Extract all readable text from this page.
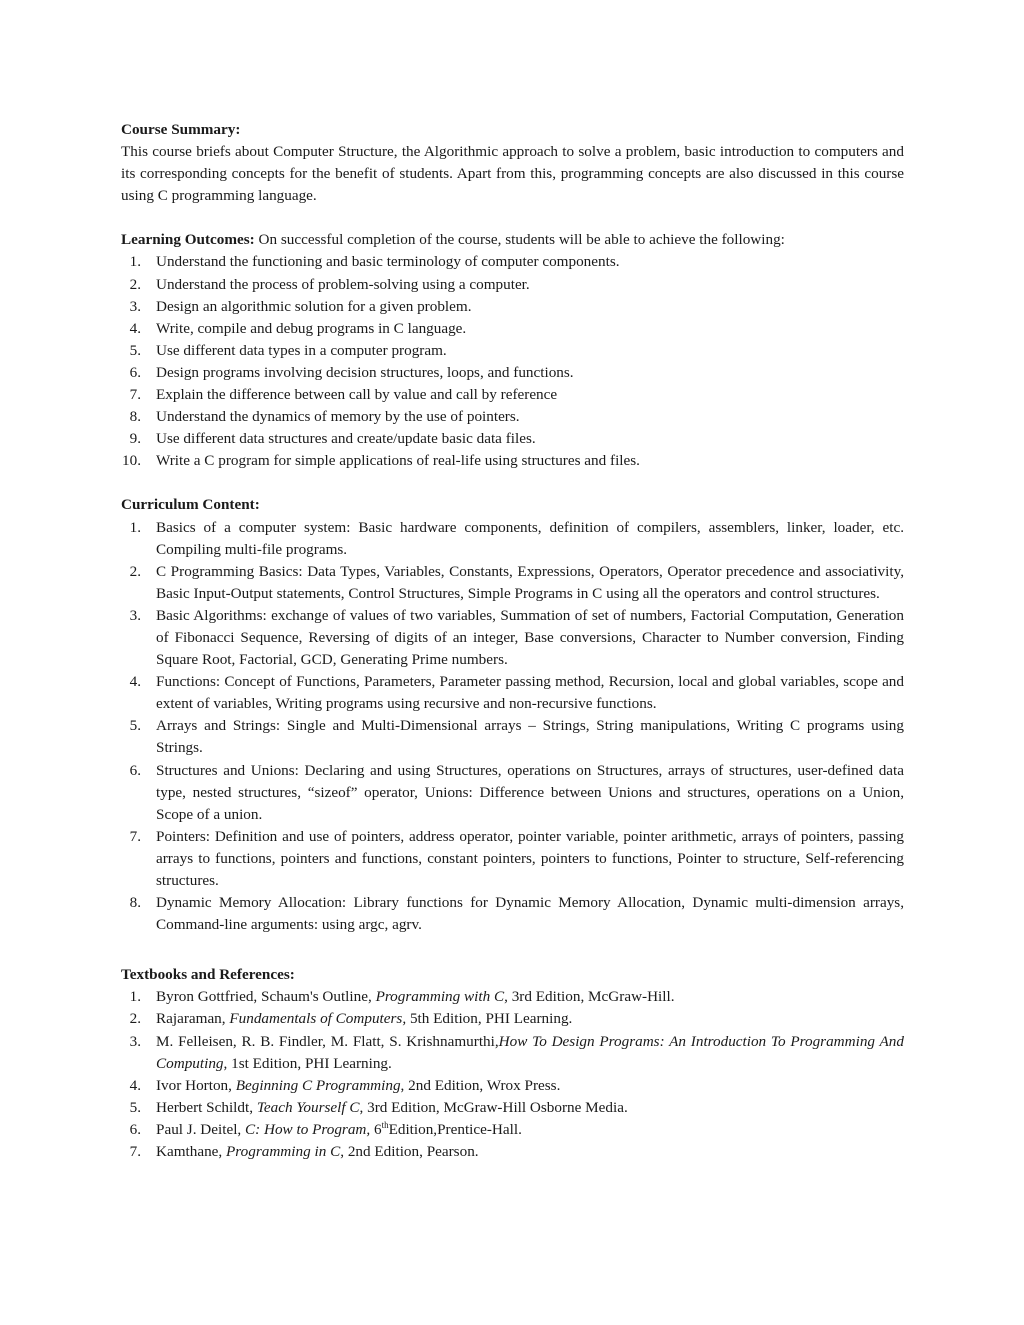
Course Summary:
This course briefs about Computer Structure, the Algorithmic approach to solve a problem, basic introduction to computers and its corresponding concepts for the benefit of students. Apart from this, programming concepts are also discussed in this course using C programming language.
Learning Outcomes: On successful completion of the course, students will be able to achieve the following:
1. Understand the functioning and basic terminology of computer components.
2. Understand the process of problem-solving using a computer.
3. Design an algorithmic solution for a given problem.
4. Write, compile and debug programs in C language.
5. Use different data types in a computer program.
6. Design programs involving decision structures, loops, and functions.
7. Explain the difference between call by value and call by reference
8. Understand the dynamics of memory by the use of pointers.
9. Use different data structures and create/update basic data files.
10. Write a C program for simple applications of real-life using structures and files.
Curriculum Content:
1. Basics of a computer system: Basic hardware components, definition of compilers, assemblers, linker, loader, etc. Compiling multi-file programs.
2. C Programming Basics: Data Types, Variables, Constants, Expressions, Operators, Operator precedence and associativity, Basic Input-Output statements, Control Structures, Simple Programs in C using all the operators and control structures.
3. Basic Algorithms: exchange of values of two variables, Summation of set of numbers, Factorial Computation, Generation of Fibonacci Sequence, Reversing of digits of an integer, Base conversions, Character to Number conversion, Finding Square Root, Factorial, GCD, Generating Prime numbers.
4. Functions: Concept of Functions, Parameters, Parameter passing method, Recursion, local and global variables, scope and extent of variables, Writing programs using recursive and non-recursive functions.
5. Arrays and Strings: Single and Multi-Dimensional arrays – Strings, String manipulations, Writing C programs using Strings.
6. Structures and Unions: Declaring and using Structures, operations on Structures, arrays of structures, user-defined data type, nested structures, “sizeof” operator, Unions: Difference between Unions and structures, operations on a Union, Scope of a union.
7. Pointers: Definition and use of pointers, address operator, pointer variable, pointer arithmetic, arrays of pointers, passing arrays to functions, pointers and functions, constant pointers, pointers to functions, Pointer to structure, Self-referencing structures.
8. Dynamic Memory Allocation: Library functions for Dynamic Memory Allocation, Dynamic multi-dimension arrays, Command-line arguments: using argc, agrv.
Textbooks and References:
1. Byron Gottfried, Schaum's Outline, Programming with C, 3rd Edition, McGraw-Hill.
2. Rajaraman, Fundamentals of Computers, 5th Edition, PHI Learning.
3. M. Felleisen, R. B. Findler, M. Flatt, S. Krishnamurthi,How To Design Programs: An Introduction To Programming And Computing, 1st Edition, PHI Learning.
4. Ivor Horton, Beginning C Programming, 2nd Edition, Wrox Press.
5. Herbert Schildt, Teach Yourself C, 3rd Edition, McGraw-Hill Osborne Media.
6. Paul J. Deitel, C: How to Program, 6thEdition,Prentice-Hall.
7. Kamthane, Programming in C, 2nd Edition, Pearson.
